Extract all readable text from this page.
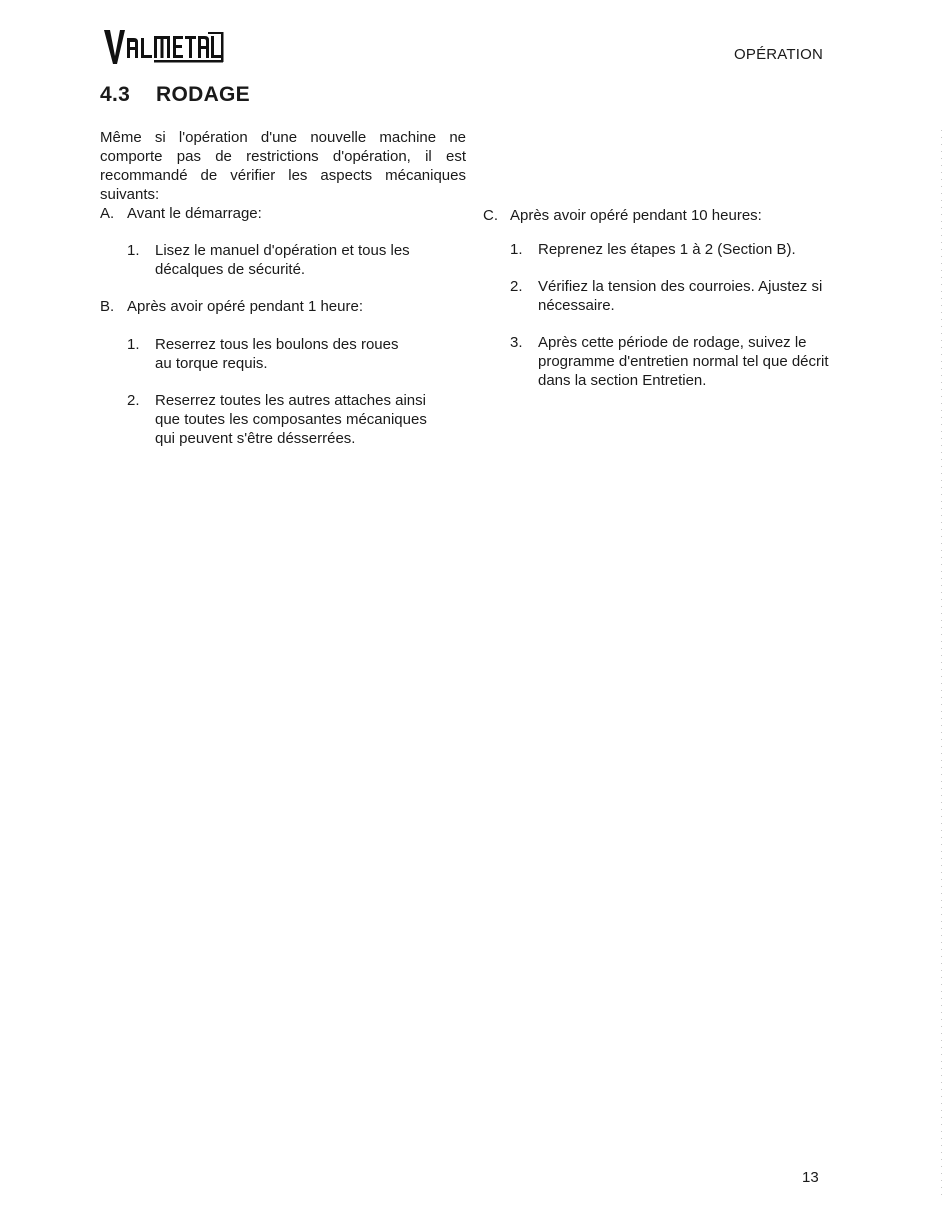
OPÉRATION
4.3 RODAGE

Même si l'opération d'une nouvelle machine ne comporte pas de restrictions d'opération, il est recommandé de vérifier les aspects mécaniques suivants:

A. Avant le démarrage:
1.	Lisez le manuel d'opération et tous les décalques de sécurité.
B. Après avoir opéré pendant 1 heure:
1.	Reserrez tous les boulons des roues au torque requis.
2.	Reserrez toutes les autres attaches ainsi que toutes les composantes mécaniques qui peuvent s'être désserrées.
C. Après avoir opéré pendant 10 heures:
1.	Reprenez les étapes 1 à 2 (Section B).
2.	Vérifiez la tension des courroies. Ajustez si nécessaire.
3.	Après cette période de rodage, suivez le programme d'entretien normal tel que décrit dans la section Entretien.
13
